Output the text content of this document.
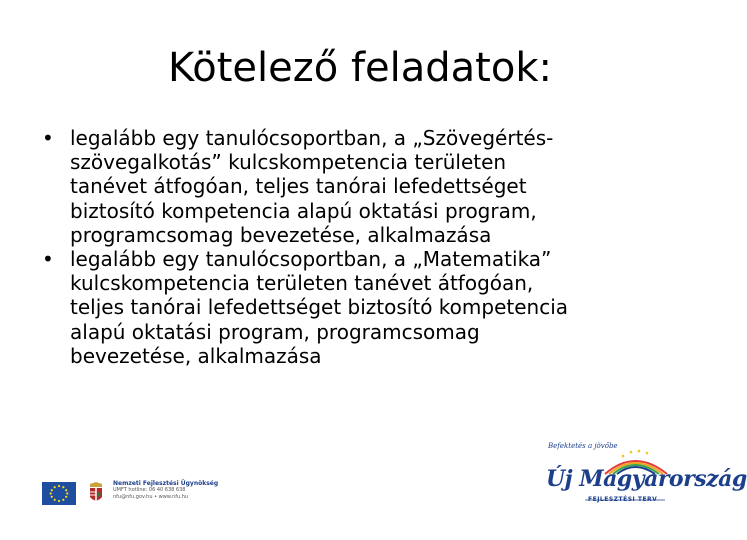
Kötelező feladatok:
• legalább egy tanulócsoportban, a „Szövegértés-
szövegalkotás” kulcskompetencia területen
tanévet átfogóan, teljes tanórai lefedettséget
biztosító kompetencia alapú oktatási program,
programcsomag bevezetése, alkalmazása
• legalább egy tanulócsoportban, a „Matematika”
kulcskompetencia területen tanévet átfogóan,
teljes tanórai lefedettséget biztosító kompetencia
alapú oktatási program, programcsomag
bevezetése, alkalmazása
Nemzeti Fejlesztési Ügynökség
UMFT hotline: 06 40 638 638
nfu@nfu.gov.hu • www.nfu.hu
Befektetés a jövőbe
Új Magyarország
FEJLESZTÉSI TERV
